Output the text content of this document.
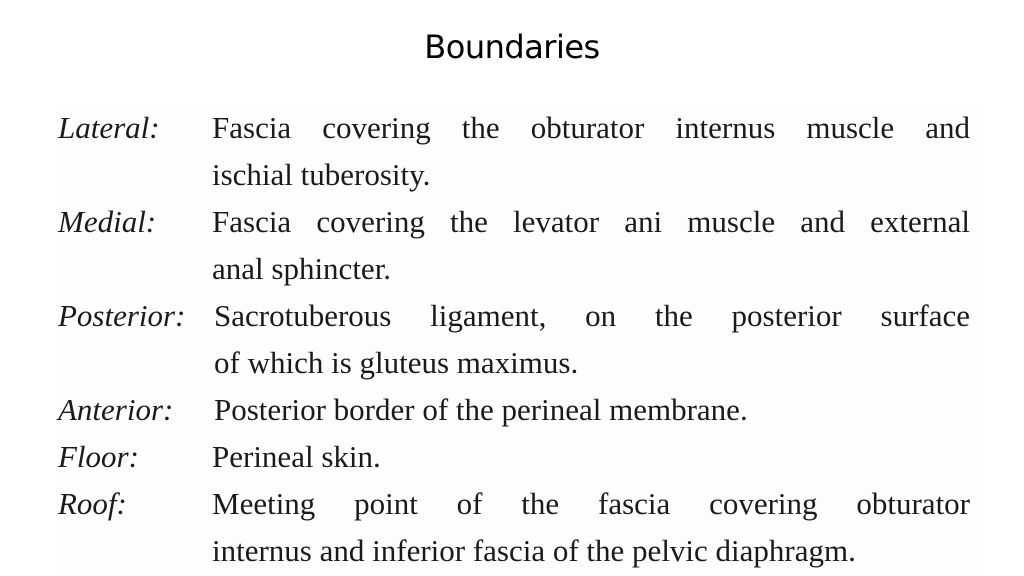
Boundaries
Lateral: Fascia covering the obturator internus muscle and
ischial tuberosity.
Medial: Fascia covering the levator ani muscle and external
anal sphincter.
Posterior: Sacrotuberous ligament, on the posterior surface
of which is gluteus maximus.
Anterior: Posterior border of the perineal membrane.
Floor: Perineal skin.
Roof:	Meeting point of the fascia covering obturator
internus and inferior fascia of the pelvic diaphragm.
